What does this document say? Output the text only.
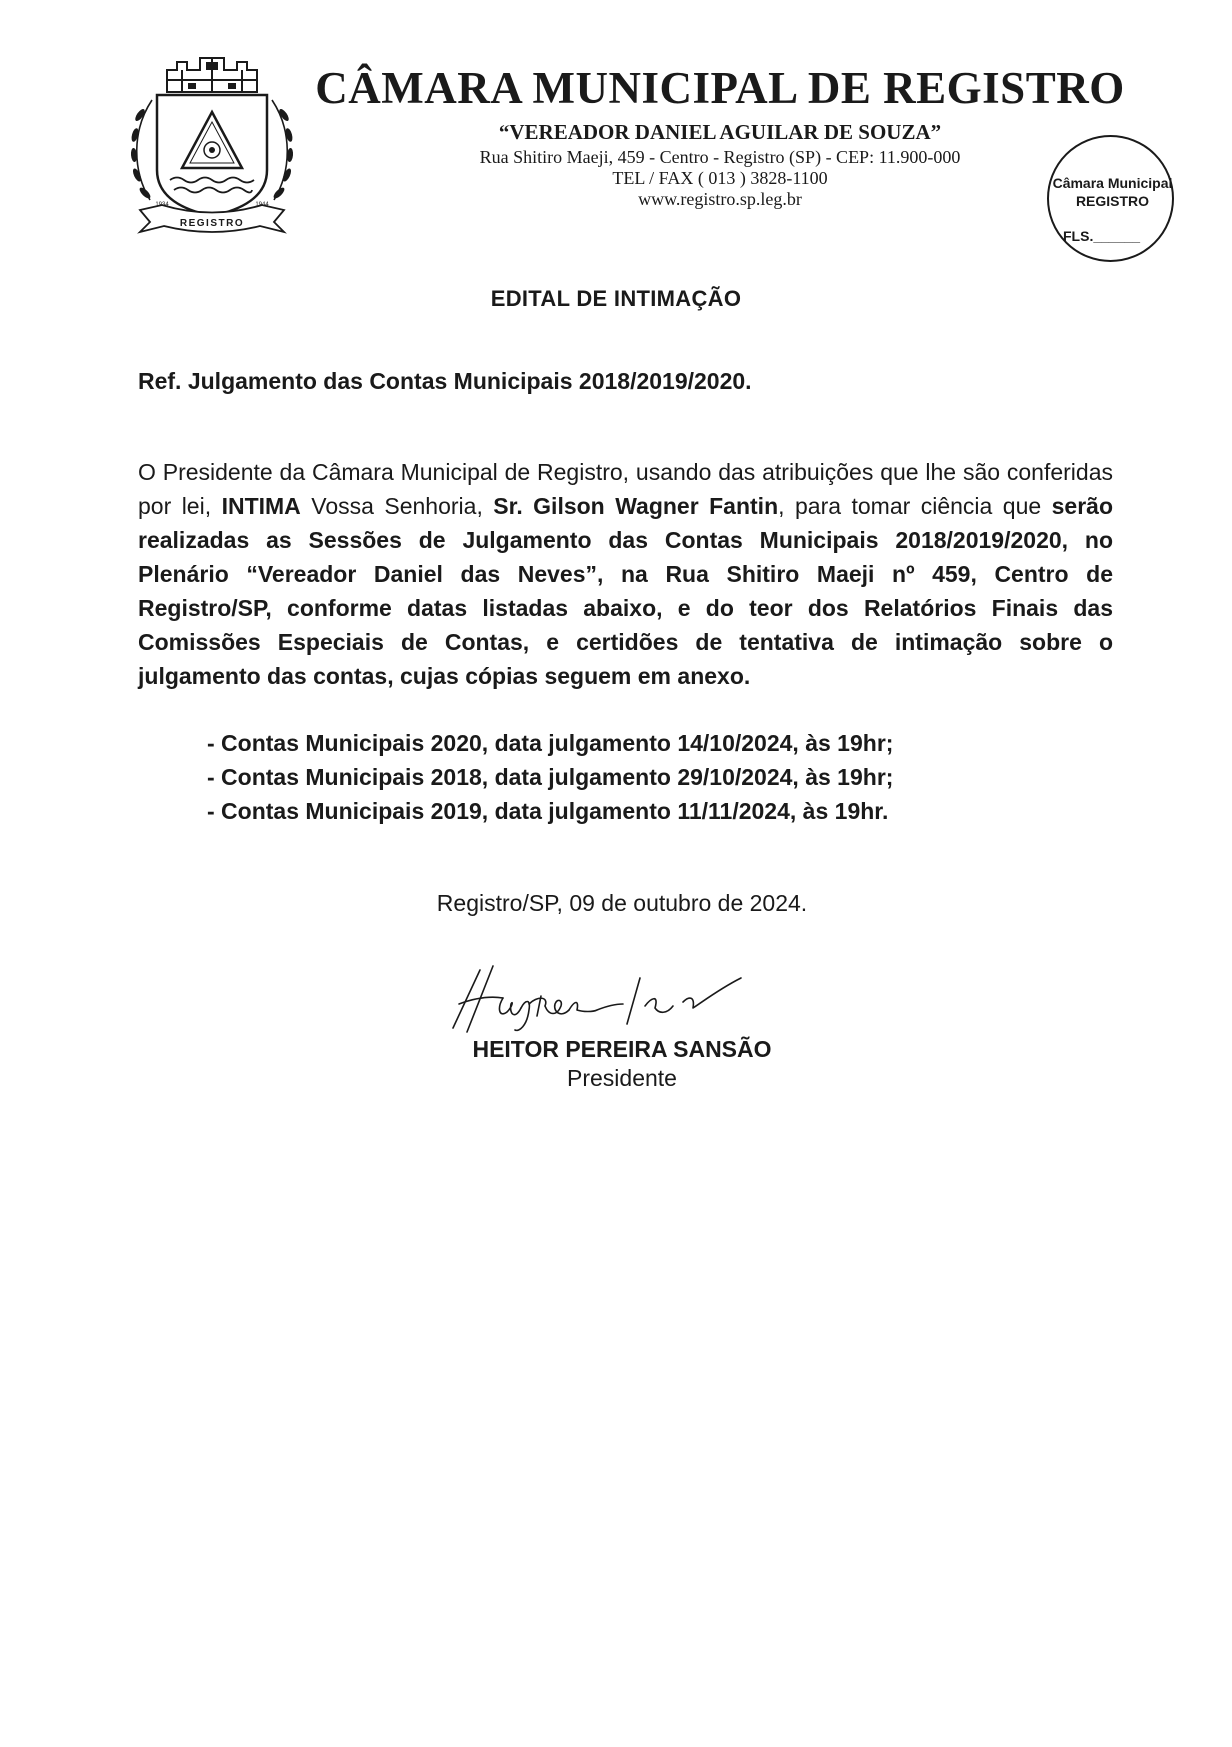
REGISTRO
1934	1944
CÂMARA MUNICIPAL DE REGISTRO
“VEREADOR DANIEL AGUILAR DE SOUZA”
Rua Shitiro Maeji, 459 - Centro - Registro (SP) - CEP: 11.900-000
TEL / FAX ( 013 ) 3828-1100
www.registro.sp.leg.br
Câmara Municipal
REGISTRO
FLS.______
EDITAL DE INTIMAÇÃO
Ref. Julgamento das Contas Municipais 2018/2019/2020.
O Presidente da Câmara Municipal de Registro, usando das atribuições que lhe são conferidas por lei, INTIMA Vossa Senhoria, Sr. Gilson Wagner Fantin, para tomar ciência que serão realizadas as Sessões de Julgamento das Contas Municipais 2018/2019/2020, no Plenário “Vereador Daniel das Neves”, na Rua Shitiro Maeji nº 459, Centro de Registro/SP, conforme datas listadas abaixo, e do teor dos Relatórios Finais das Comissões Especiais de Contas, e certidões de tentativa de intimação sobre o julgamento das contas, cujas cópias seguem em anexo.
- Contas Municipais 2020, data julgamento 14/10/2024, às 19hr;
- Contas Municipais 2018, data julgamento 29/10/2024, às 19hr;
- Contas Municipais 2019, data julgamento 11/11/2024, às 19hr.
Registro/SP, 09 de outubro de 2024.
HEITOR PEREIRA SANSÃO
Presidente
